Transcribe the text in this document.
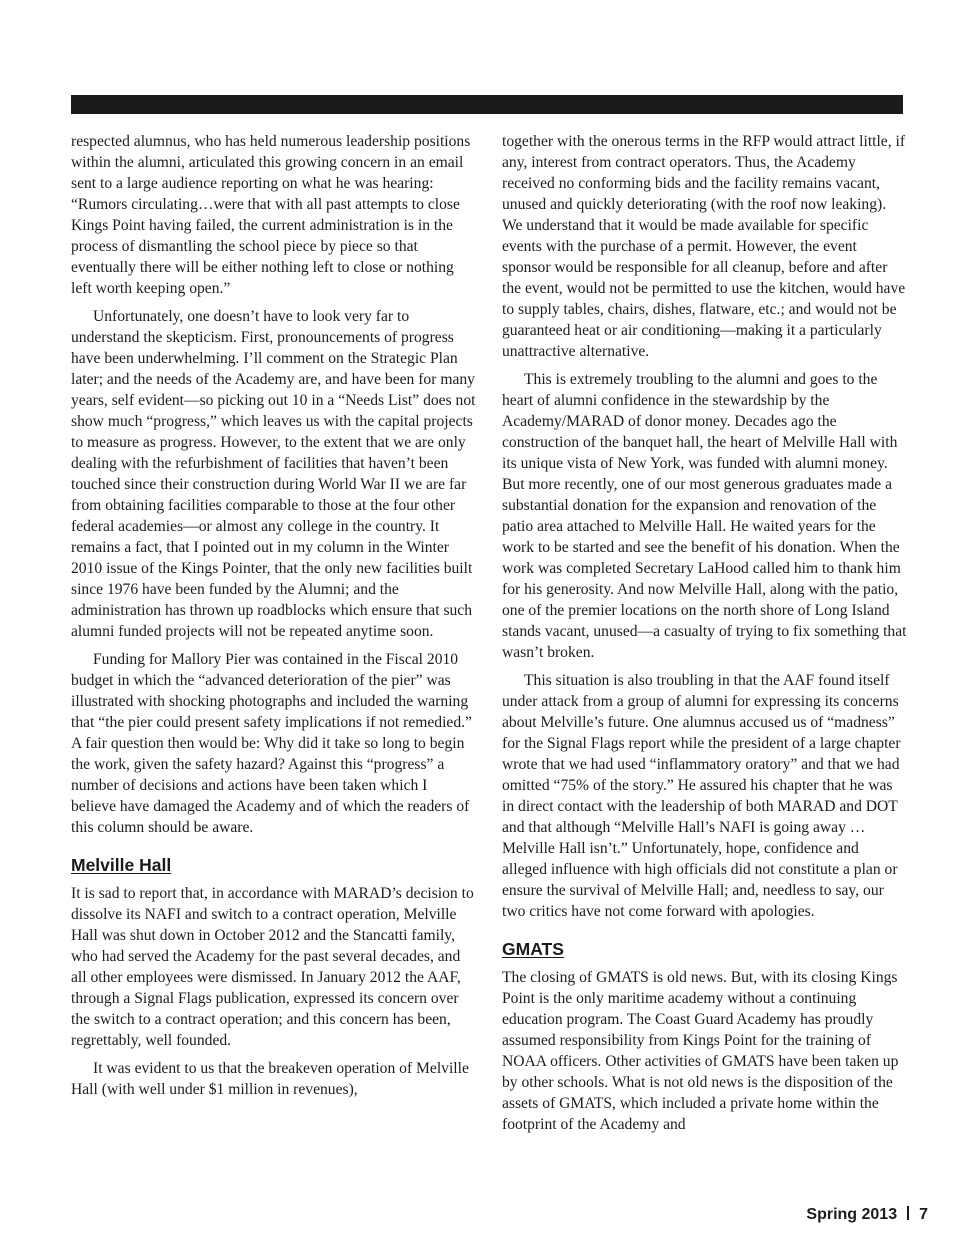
respected alumnus, who has held numerous leadership positions within the alumni, articulated this growing concern in an email sent to a large audience reporting on what he was hearing: “Rumors circulating…were that with all past attempts to close Kings Point having failed, the current administration is in the process of dismantling the school piece by piece so that eventually there will be either nothing left to close or nothing left worth keeping open.”

Unfortunately, one doesn’t have to look very far to understand the skepticism. First, pronouncements of progress have been underwhelming. I’ll comment on the Strategic Plan later; and the needs of the Academy are, and have been for many years, self evident—so picking out 10 in a “Needs List” does not show much “progress,” which leaves us with the capital projects to measure as progress. However, to the extent that we are only dealing with the refurbishment of facilities that haven’t been touched since their construction during World War II we are far from obtaining facilities comparable to those at the four other federal academies—or almost any college in the country. It remains a fact, that I pointed out in my column in the Winter 2010 issue of the Kings Pointer, that the only new facilities built since 1976 have been funded by the Alumni; and the administration has thrown up roadblocks which ensure that such alumni funded projects will not be repeated anytime soon.

Funding for Mallory Pier was contained in the Fiscal 2010 budget in which the “advanced deterioration of the pier” was illustrated with shocking photographs and included the warning that “the pier could present safety implications if not remedied.” A fair question then would be: Why did it take so long to begin the work, given the safety hazard? Against this “progress” a number of decisions and actions have been taken which I believe have damaged the Academy and of which the readers of this column should be aware.

Melville Hall

It is sad to report that, in accordance with MARAD’s decision to dissolve its NAFI and switch to a contract operation, Melville Hall was shut down in October 2012 and the Stancatti family, who had served the Academy for the past several decades, and all other employees were dismissed. In January 2012 the AAF, through a Signal Flags publication, expressed its concern over the switch to a contract operation; and this concern has been, regrettably, well founded.

It was evident to us that the breakeven operation of Melville Hall (with well under $1 million in revenues),

together with the onerous terms in the RFP would attract little, if any, interest from contract operators. Thus, the Academy received no conforming bids and the facility remains vacant, unused and quickly deteriorating (with the roof now leaking). We understand that it would be made available for specific events with the purchase of a permit. However, the event sponsor would be responsible for all cleanup, before and after the event, would not be permitted to use the kitchen, would have to supply tables, chairs, dishes, flatware, etc.; and would not be guaranteed heat or air conditioning—making it a particularly unattractive alternative.

This is extremely troubling to the alumni and goes to the heart of alumni confidence in the stewardship by the Academy/MARAD of donor money. Decades ago the construction of the banquet hall, the heart of Melville Hall with its unique vista of New York, was funded with alumni money. But more recently, one of our most generous graduates made a substantial donation for the expansion and renovation of the patio area attached to Melville Hall. He waited years for the work to be started and see the benefit of his donation. When the work was completed Secretary LaHood called him to thank him for his generosity. And now Melville Hall, along with the patio, one of the premier locations on the north shore of Long Island stands vacant, unused—a casualty of trying to fix something that wasn’t broken.

This situation is also troubling in that the AAF found itself under attack from a group of alumni for expressing its concerns about Melville’s future. One alumnus accused us of “madness” for the Signal Flags report while the president of a large chapter wrote that we had used “inflammatory oratory” and that we had omitted “75% of the story.” He assured his chapter that he was in direct contact with the leadership of both MARAD and DOT and that although “Melville Hall’s NAFI is going away … Melville Hall isn’t.” Unfortunately, hope, confidence and alleged influence with high officials did not constitute a plan or ensure the survival of Melville Hall; and, needless to say, our two critics have not come forward with apologies.

GMATS

The closing of GMATS is old news. But, with its closing Kings Point is the only maritime academy without a continuing education program. The Coast Guard Academy has proudly assumed responsibility from Kings Point for the training of NOAA officers. Other activities of GMATS have been taken up by other schools. What is not old news is the disposition of the assets of GMATS, which included a private home within the footprint of the Academy and

Spring 2013 7
